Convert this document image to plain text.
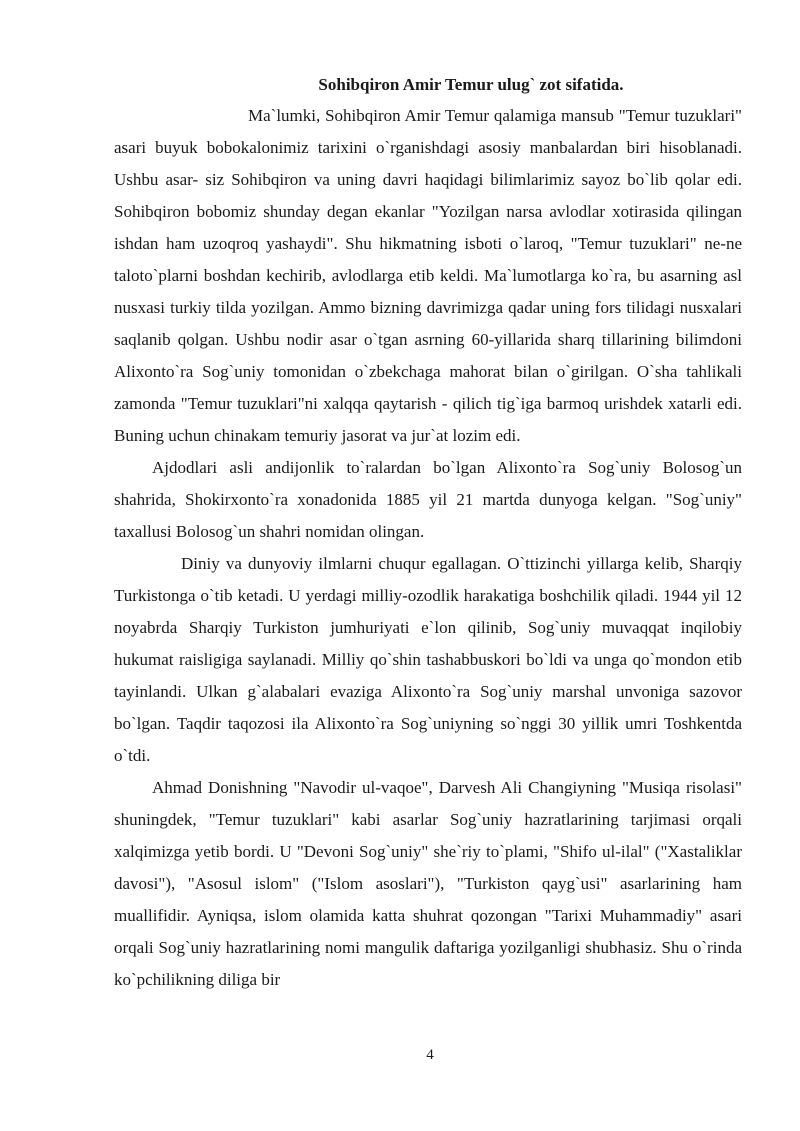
Sohibqiron Amir Temur ulug` zot sifatida.

Ma`lumki, Sohibqiron Amir Temur qalamiga mansub "Temur tuzuklari" asari buyuk bobokalonimiz tarixini o`rganishdagi asosiy manbalardan biri hisoblanadi. Ushbu asar- siz Sohibqiron va uning davri haqidagi bilimlarimiz sayoz bo`lib qolar edi. Sohibqiron bobomiz shunday degan ekanlar "Yozilgan narsa avlodlar xotirasida qilingan ishdan ham uzoqroq yashaydi". Shu hikmatning isboti o`laroq, "Temur tuzuklari" ne-ne taloto`plarni boshdan kechirib, avlodlarga etib keldi. Ma`lumotlarga ko`ra, bu asarning asl nusxasi turkiy tilda yozilgan. Ammo bizning davrimizga qadar uning fors tilidagi nusxalari saqlanib qolgan. Ushbu nodir asar o`tgan asrning 60-yillarida sharq tillarining bilimdoni Alixonto`ra Sog`uniy tomonidan o`zbekchaga mahorat bilan o`girilgan. O`sha tahlikali zamonda "Temur tuzuklari"ni xalqqa qaytarish - qilich tig`iga barmoq urishdek xatarli edi. Buning uchun chinakam temuriy jasorat va jur`at lozim edi.

Ajdodlari asli andijonlik to`ralardan bo`lgan Alixonto`ra Sog`uniy Bolosog`un shahrida, Shokirxonto`ra xonadonida 1885 yil 21 martda dunyoga kelgan. "Sog`uniy" taxallusi Bolosog`un shahri nomidan olingan.

Diniy va dunyoviy ilmlarni chuqur egallagan. O`ttizinchi yillarga kelib, Sharqiy Turkistonga o`tib ketadi. U yerdagi milliy-ozodlik harakatiga boshchilik qiladi. 1944 yil 12 noyabrda Sharqiy Turkiston jumhuriyati e`lon qilinib, Sog`uniy muvaqqat inqilobiy hukumat raisligiga saylanadi. Milliy qo`shin tashabbuskori bo`ldi va unga qo`mondon etib tayinlandi. Ulkan g`alabalari evaziga Alixonto`ra Sog`uniy marshal unvoniga sazovor bo`lgan. Taqdir taqozosi ila Alixonto`ra Sog`uniyning so`nggi 30 yillik umri Toshkentda o`tdi.

Ahmad Donishning "Navodir ul-vaqoe", Darvesh Ali Changiyning "Musiqa risolasi" shuningdek, "Temur tuzuklari" kabi asarlar Sog`uniy hazratlarining tarjimasi orqali xalqimizga yetib bordi. U "Devoni Sog`uniy" she`riy to`plami, "Shifo ul-ilal" ("Xastaliklar davosi"), "Asosul islom" ("Islom asoslari"), "Turkiston qayg`usi" asarlarining ham muallifidir. Ayniqsa, islom olamida katta shuhrat qozongan "Tarixi Muhammadiy" asari orqali Sog`uniy hazratlarining nomi mangulik daftariga yozilganligi shubhasiz. Shu o`rinda ko`pchilikning diliga bir

4
